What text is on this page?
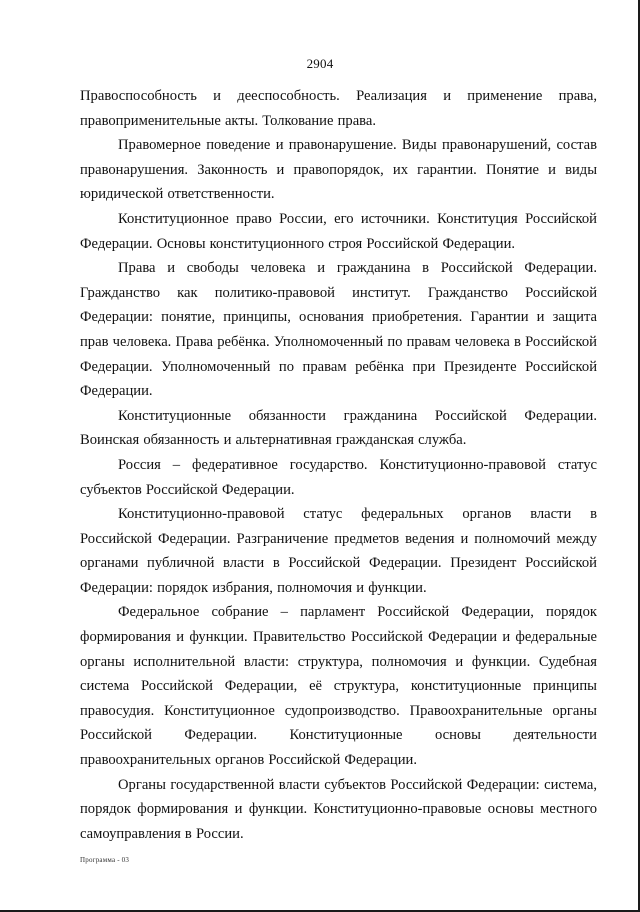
2904

Правоспособность и дееспособность. Реализация и применение права, правоприменительные акты. Толкование права.

Правомерное поведение и правонарушение. Виды правонарушений, состав правонарушения. Законность и правопорядок, их гарантии. Понятие и виды юридической ответственности.

Конституционное право России, его источники. Конституция Российской Федерации. Основы конституционного строя Российской Федерации.

Права и свободы человека и гражданина в Российской Федерации. Гражданство как политико-правовой институт. Гражданство Российской Федерации: понятие, принципы, основания приобретения. Гарантии и защита прав человека. Права ребёнка. Уполномоченный по правам человека в Российской Федерации. Уполномоченный по правам ребёнка при Президенте Российской Федерации.

Конституционные обязанности гражданина Российской Федерации. Воинская обязанность и альтернативная гражданская служба.

Россия – федеративное государство. Конституционно-правовой статус субъектов Российской Федерации.

Конституционно-правовой статус федеральных органов власти в Российской Федерации. Разграничение предметов ведения и полномочий между органами публичной власти в Российской Федерации. Президент Российской Федерации: порядок избрания, полномочия и функции.

Федеральное собрание – парламент Российской Федерации, порядок формирования и функции. Правительство Российской Федерации и федеральные органы исполнительной власти: структура, полномочия и функции. Судебная система Российской Федерации, её структура, конституционные принципы правосудия. Конституционное судопроизводство. Правоохранительные органы Российской Федерации. Конституционные основы деятельности правоохранительных органов Российской Федерации.

Органы государственной власти субъектов Российской Федерации: система, порядок формирования и функции. Конституционно-правовые основы местного самоуправления в России.

Программа - 03
